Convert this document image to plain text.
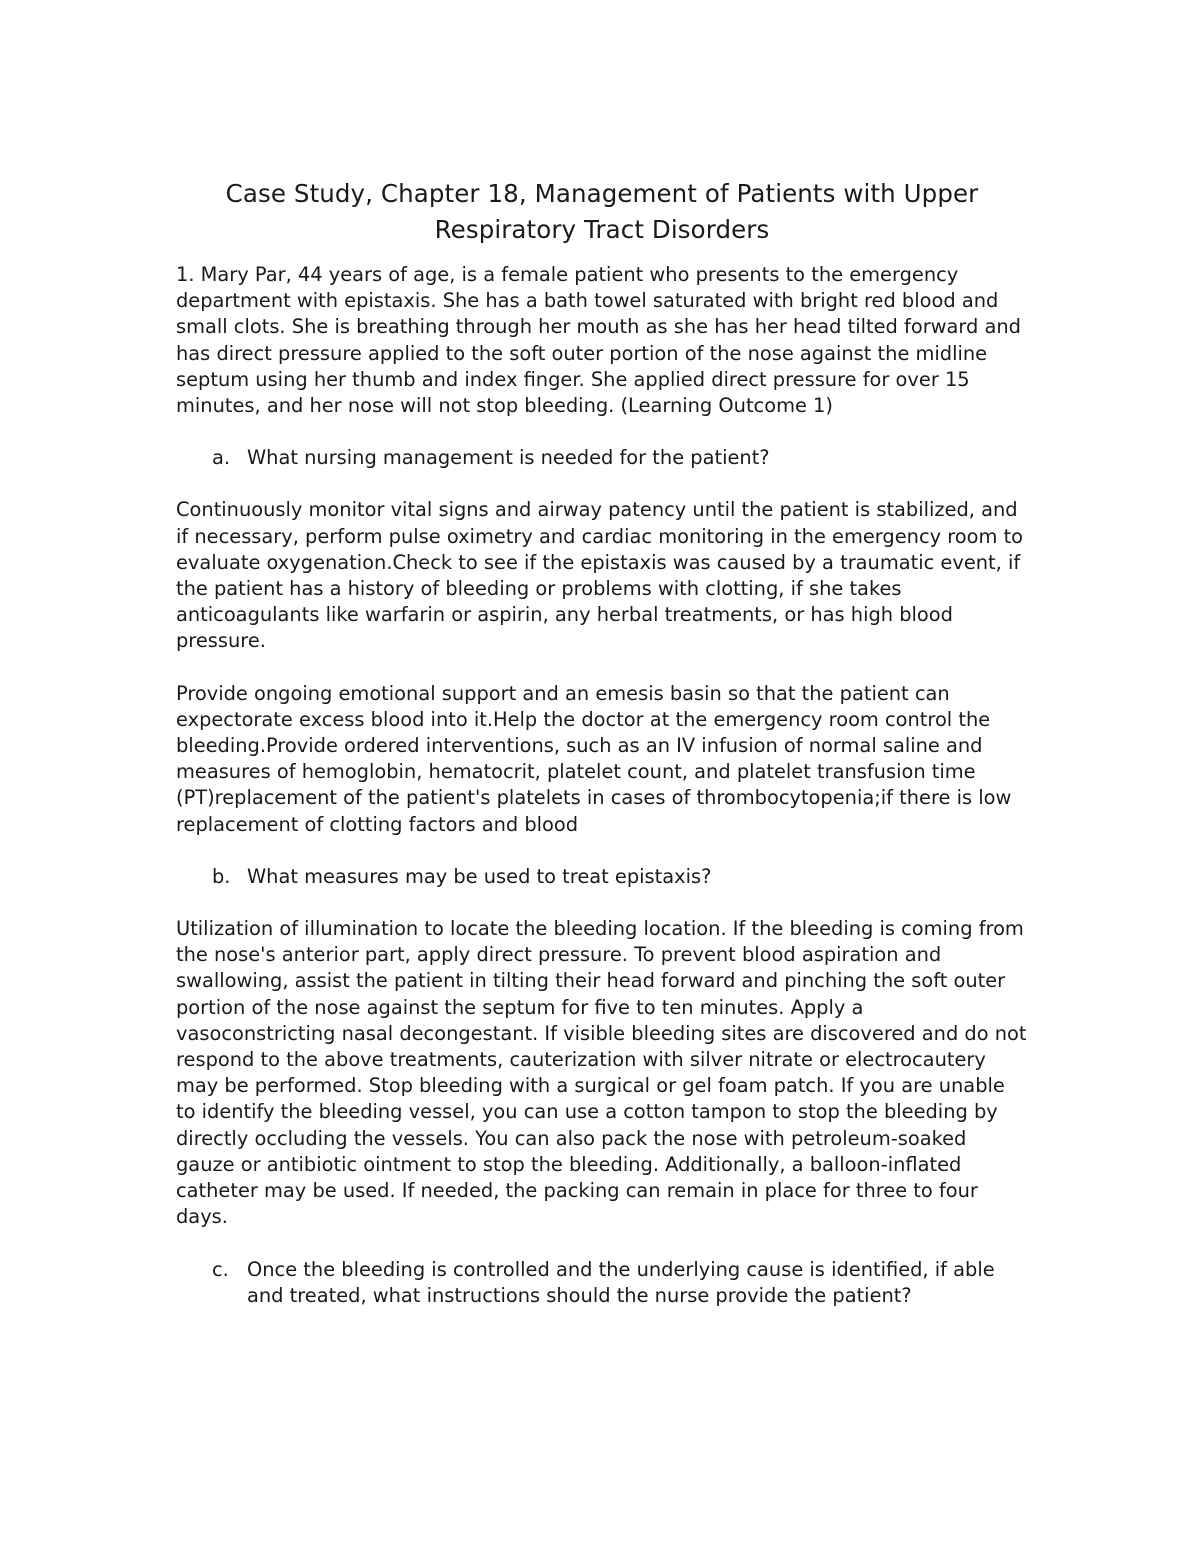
Case Study, Chapter 18, Management of Patients with Upper Respiratory Tract Disorders

1. Mary Par, 44 years of age, is a female patient who presents to the emergency department with epistaxis. She has a bath towel saturated with bright red blood and small clots. She is breathing through her mouth as she has her head tilted forward and has direct pressure applied to the soft outer portion of the nose against the midline septum using her thumb and index finger. She applied direct pressure for over 15 minutes, and her nose will not stop bleeding. (Learning Outcome 1)

a. What nursing management is needed for the patient?

Continuously monitor vital signs and airway patency until the patient is stabilized, and if necessary, perform pulse oximetry and cardiac monitoring in the emergency room to evaluate oxygenation.Check to see if the epistaxis was caused by a traumatic event, if the patient has a history of bleeding or problems with clotting, if she takes anticoagulants like warfarin or aspirin, any herbal treatments, or has high blood pressure.

Provide ongoing emotional support and an emesis basin so that the patient can expectorate excess blood into it.Help the doctor at the emergency room control the bleeding.Provide ordered interventions, such as an IV infusion of normal saline and measures of hemoglobin, hematocrit, platelet count, and platelet transfusion time (PT)replacement of the patient's platelets in cases of thrombocytopenia;if there is low replacement of clotting factors and blood

b. What measures may be used to treat epistaxis?

Utilization of illumination to locate the bleeding location. If the bleeding is coming from the nose's anterior part, apply direct pressure. To prevent blood aspiration and swallowing, assist the patient in tilting their head forward and pinching the soft outer portion of the nose against the septum for five to ten minutes. Apply a vasoconstricting nasal decongestant. If visible bleeding sites are discovered and do not respond to the above treatments, cauterization with silver nitrate or electrocautery may be performed. Stop bleeding with a surgical or gel foam patch. If you are unable to identify the bleeding vessel, you can use a cotton tampon to stop the bleeding by directly occluding the vessels. You can also pack the nose with petroleum-soaked gauze or antibiotic ointment to stop the bleeding. Additionally, a balloon-inflated catheter may be used. If needed, the packing can remain in place for three to four days.

c. Once the bleeding is controlled and the underlying cause is identified, if able and treated, what instructions should the nurse provide the patient?
